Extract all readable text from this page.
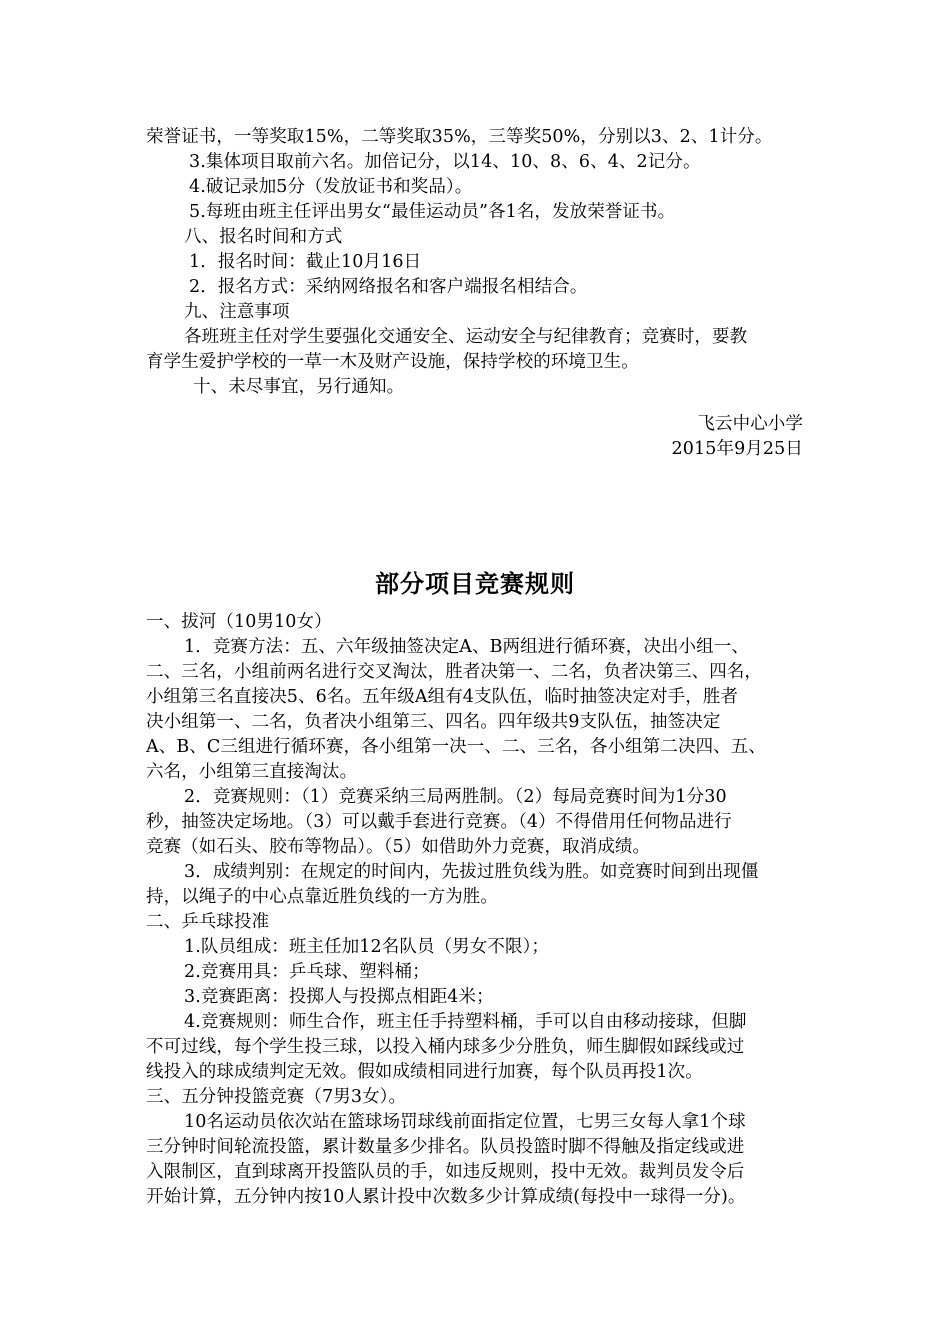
荣誉证书，一等奖取15%，二等奖取35%，三等奖50%，分别以3、2、1计分。
3.集体项目取前六名。加倍记分，以14、10、8、6、4、2记分。
4.破记录加5分（发放证书和奖品）。
5.每班由班主任评出男女“最佳运动员”各1名，发放荣誉证书。
八、报名时间和方式
1．报名时间：截止10月16日
2．报名方式：采纳网络报名和客户端报名相结合。
九、注意事项
各班班主任对学生要强化交通安全、运动安全与纪律教育；竞赛时，要教
育学生爱护学校的一草一木及财产设施，保持学校的环境卫生。
十、未尽事宜，另行通知。
飞云中心小学
2015年9月25日
部分项目竞赛规则
一、拔河（10男10女）
1．竞赛方法：五、六年级抽签决定A、B两组进行循环赛，决出小组一、
二、三名，小组前两名进行交叉淘汰，胜者决第一、二名，负者决第三、四名，
小组第三名直接决5、6名。五年级A组有4支队伍，临时抽签决定对手，胜者
决小组第一、二名，负者决小组第三、四名。四年级共9支队伍，抽签决定
A、B、C三组进行循环赛，各小组第一决一、二、三名，各小组第二决四、五、
六名，小组第三直接淘汰。
2．竞赛规则：（1）竞赛采纳三局两胜制。（2）每局竞赛时间为1分30
秒，抽签决定场地。（3）可以戴手套进行竞赛。（4）不得借用任何物品进行
竞赛（如石头、胶布等物品）。（5）如借助外力竞赛，取消成绩。
3．成绩判别：在规定的时间内，先拔过胜负线为胜。如竞赛时间到出现僵
持，以绳子的中心点靠近胜负线的一方为胜。
二、乒乓球投准
1.队员组成：班主任加12名队员（男女不限）；
2.竞赛用具：乒乓球、塑料桶；
3.竞赛距离：投掷人与投掷点相距4米；
4.竞赛规则：师生合作，班主任手持塑料桶，手可以自由移动接球，但脚
不可过线，每个学生投三球，以投入桶内球多少分胜负，师生脚假如踩线或过
线投入的球成绩判定无效。假如成绩相同进行加赛，每个队员再投1次。
三、五分钟投篮竞赛（7男3女）。
10名运动员依次站在篮球场罚球线前面指定位置，七男三女每人拿1个球
三分钟时间轮流投篮，累计数量多少排名。队员投篮时脚不得触及指定线或进
入限制区，直到球离开投篮队员的手，如违反规则，投中无效。裁判员发令后
开始计算，五分钟内按10人累计投中次数多少计算成绩(每投中一球得一分)。
